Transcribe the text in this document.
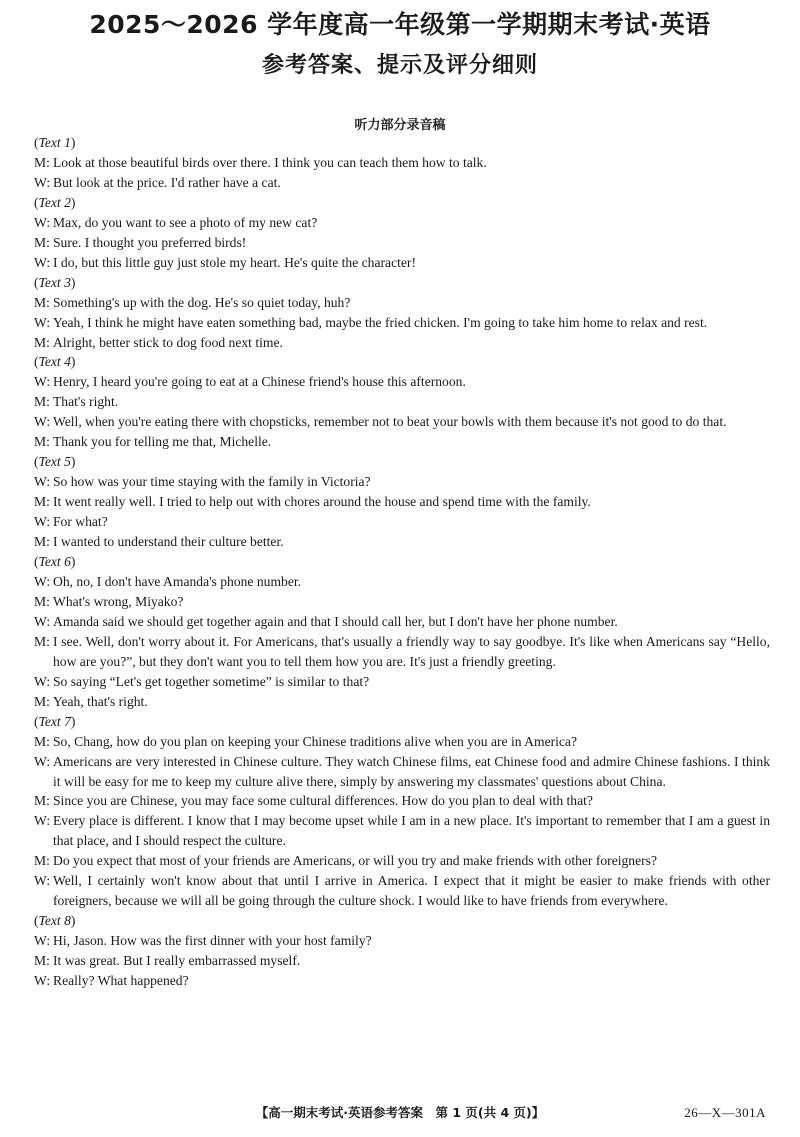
2025～2026 学年度高一年级第一学期期末考试·英语
参考答案、提示及评分细则
听力部分录音稿
(Text 1)
M: Look at those beautiful birds over there. I think you can teach them how to talk.
W: But look at the price. I'd rather have a cat.
(Text 2)
W: Max, do you want to see a photo of my new cat?
M: Sure. I thought you preferred birds!
W: I do, but this little guy just stole my heart. He's quite the character!
(Text 3)
M: Something's up with the dog. He's so quiet today, huh?
W: Yeah, I think he might have eaten something bad, maybe the fried chicken. I'm going to take him home to relax and rest.
M: Alright, better stick to dog food next time.
(Text 4)
W: Henry, I heard you're going to eat at a Chinese friend's house this afternoon.
M: That's right.
W: Well, when you're eating there with chopsticks, remember not to beat your bowls with them because it's not good to do that.
M: Thank you for telling me that, Michelle.
(Text 5)
W: So how was your time staying with the family in Victoria?
M: It went really well. I tried to help out with chores around the house and spend time with the family.
W: For what?
M: I wanted to understand their culture better.
(Text 6)
W: Oh, no, I don't have Amanda's phone number.
M: What's wrong, Miyako?
W: Amanda said we should get together again and that I should call her, but I don't have her phone number.
M: I see. Well, don't worry about it. For Americans, that's usually a friendly way to say goodbye. It's like when Americans say “Hello, how are you?”, but they don't want you to tell them how you are. It's just a friendly greeting.
W: So saying “Let's get together sometime” is similar to that?
M: Yeah, that's right.
(Text 7)
M: So, Chang, how do you plan on keeping your Chinese traditions alive when you are in America?
W: Americans are very interested in Chinese culture. They watch Chinese films, eat Chinese food and admire Chinese fashions. I think it will be easy for me to keep my culture alive there, simply by answering my classmates' questions about China.
M: Since you are Chinese, you may face some cultural differences. How do you plan to deal with that?
W: Every place is different. I know that I may become upset while I am in a new place. It's important to remember that I am a guest in that place, and I should respect the culture.
M: Do you expect that most of your friends are Americans, or will you try and make friends with other foreigners?
W: Well, I certainly won't know about that until I arrive in America. I expect that it might be easier to make friends with other foreigners, because we will all be going through the culture shock. I would like to have friends from everywhere.
(Text 8)
W: Hi, Jason. How was the first dinner with your host family?
M: It was great. But I really embarrassed myself.
W: Really? What happened?
【高一期末考试·英语参考答案　第 1 页(共 4 页)】	26—X—301A
